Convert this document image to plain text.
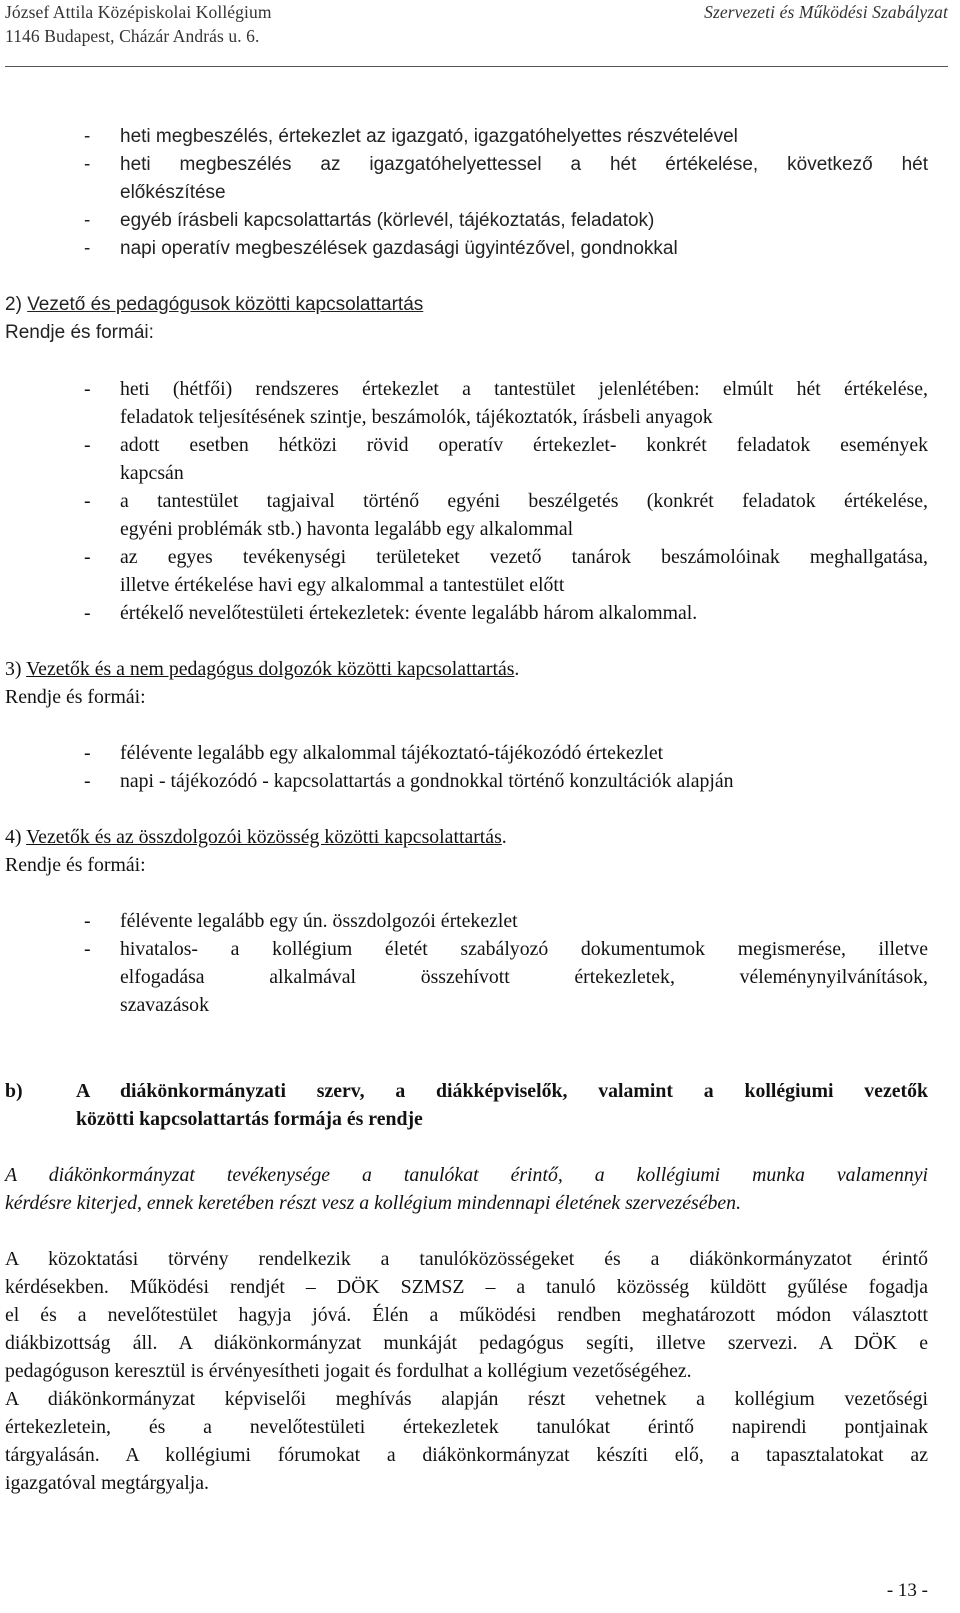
József Attila Középiskolai Kollégium	Szervezeti és Működési Szabályzat
1146 Budapest, Cházár András u. 6.
- heti megbeszélés, értekezlet az igazgató, igazgatóhelyettes részvételével
- heti megbeszélés az igazgatóhelyettessel a hét értékelése, következő hét
előkészítése
- egyéb írásbeli kapcsolattartás (körlevél, tájékoztatás, feladatok)
- napi operatív megbeszélések gazdasági ügyintézővel, gondnokkal
2) Vezető és pedagógusok közötti kapcsolattartás
Rendje és formái:
- heti (hétfői) rendszeres értekezlet a tantestület jelenlétében: elmúlt hét értékelése,
feladatok teljesítésének szintje, beszámolók, tájékoztatók, írásbeli anyagok
- adott esetben hétközi rövid operatív értekezlet- konkrét feladatok események
kapcsán
- a tantestület tagjaival történő egyéni beszélgetés (konkrét feladatok értékelése,
egyéni problémák stb.) havonta legalább egy alkalommal
- az egyes tevékenységi területeket vezető tanárok beszámolóinak meghallgatása,
illetve értékelése havi egy alkalommal a tantestület előtt
- értékelő nevelőtestületi értekezletek: évente legalább három alkalommal.
3) Vezetők és a nem pedagógus dolgozók közötti kapcsolattartás.
Rendje és formái:
- félévente legalább egy alkalommal tájékoztató-tájékozódó értekezlet
- napi - tájékozódó - kapcsolattartás a gondnokkal történő konzultációk alapján
4) Vezetők és az összdolgozói közösség közötti kapcsolattartás.
Rendje és formái:
- félévente legalább egy ún. összdolgozói értekezlet
- hivatalos- a kollégium életét szabályozó dokumentumok megismerése, illetve
elfogadása alkalmával összehívott értekezletek, véleménynyilvánítások,
szavazások
b)	A diákönkormányzati szerv, a diákképviselők, valamint a kollégiumi vezetők
közötti kapcsolattartás formája és rendje
A diákönkormányzat tevékenysége a tanulókat érintő, a kollégiumi munka valamennyi
kérdésre kiterjed, ennek keretében részt vesz a kollégium mindennapi életének szervezésében.
A közoktatási törvény rendelkezik a tanulóközösségeket és a diákönkormányzatot érintő
kérdésekben. Működési rendjét – DÖK SZMSZ – a tanuló közösség küldött gyűlése fogadja
el és a nevelőtestület hagyja jóvá. Élén a működési rendben meghatározott módon választott
diákbizottság áll. A diákönkormányzat munkáját pedagógus segíti, illetve szervezi. A DÖK e
pedagóguson keresztül is érvényesítheti jogait és fordulhat a kollégium vezetőségéhez.
A diákönkormányzat képviselői meghívás alapján részt vehetnek a kollégium vezetőségi
értekezletein, és a nevelőtestületi értekezletek tanulókat érintő napirendi pontjainak
tárgyalásán. A kollégiumi fórumokat a diákönkormányzat készíti elő, a tapasztalatokat az
igazgatóval megtárgyalja.
- 13 -
